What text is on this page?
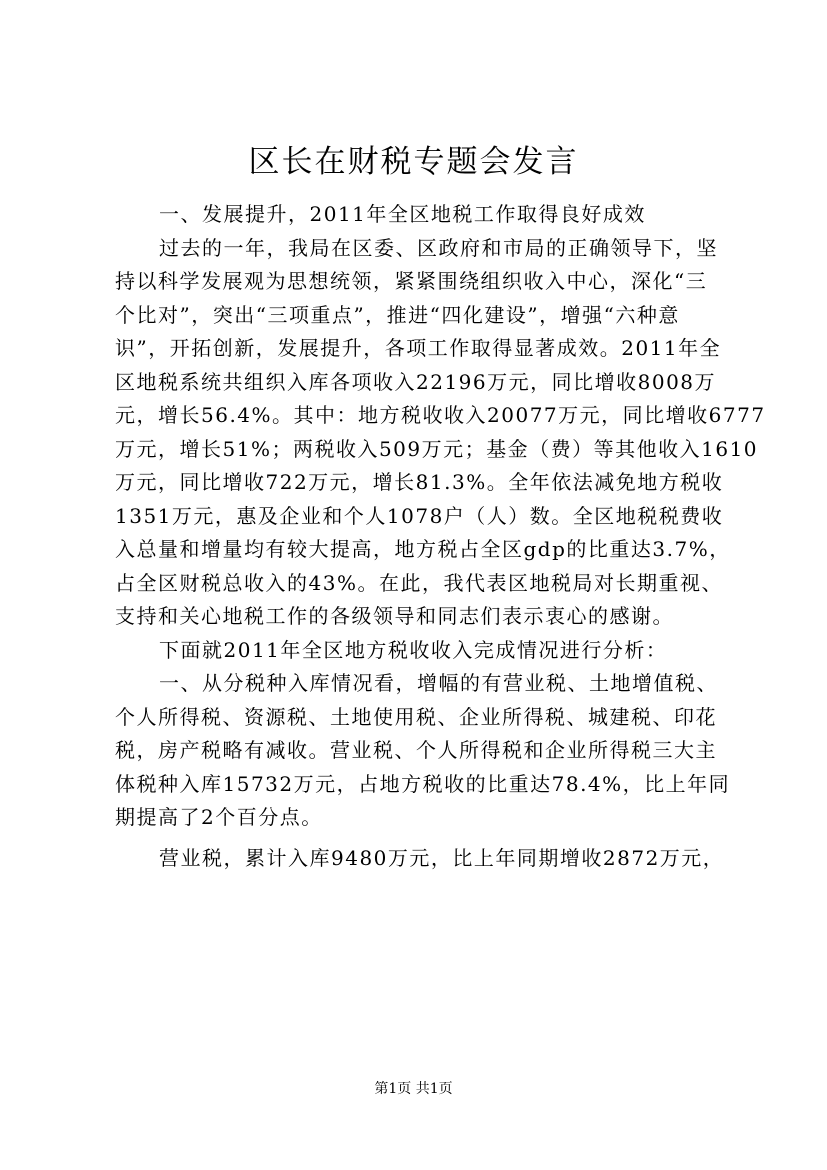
区长在财税专题会发言
一、发展提升，2011年全区地税工作取得良好成效
过去的一年，我局在区委、区政府和市局的正确领导下，坚
持以科学发展观为思想统领，紧紧围绕组织收入中心，深化“三
个比对”，突出“三项重点”，推进“四化建设”，增强“六种意
识”，开拓创新，发展提升，各项工作取得显著成效。2011年全
区地税系统共组织入库各项收入22196万元，同比增收8008万
元，增长56.4%。其中：地方税收收入20077万元，同比增收6777
万元，增长51%；两税收入509万元；基金（费）等其他收入1610
万元，同比增收722万元，增长81.3%。全年依法减免地方税收
1351万元，惠及企业和个人1078户（人）数。全区地税税费收
入总量和增量均有较大提高，地方税占全区gdp的比重达3.7%，
占全区财税总收入的43%。在此，我代表区地税局对长期重视、
支持和关心地税工作的各级领导和同志们表示衷心的感谢。
下面就2011年全区地方税收收入完成情况进行分析：
一、从分税种入库情况看，增幅的有营业税、土地增值税、
个人所得税、资源税、土地使用税、企业所得税、城建税、印花
税，房产税略有减收。营业税、个人所得税和企业所得税三大主
体税种入库15732万元，占地方税收的比重达78.4%，比上年同
期提高了2个百分点。
营业税，累计入库9480万元，比上年同期增收2872万元，
第1页 共1页
